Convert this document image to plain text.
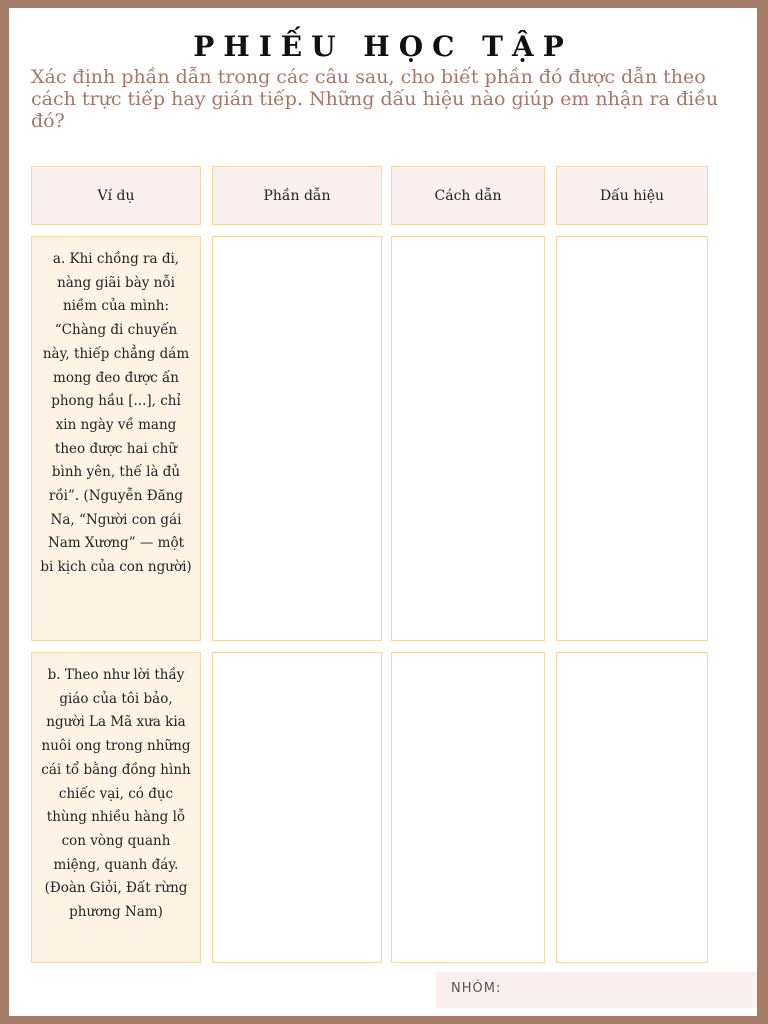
PHIẾU HỌC TẬP

Xác định phần dẫn trong các câu sau, cho biết phần đó được dẫn theo cách trực tiếp hay gián tiếp. Những dấu hiệu nào giúp em nhận ra điều đó?

Ví dụ	Phần dẫn	Cách dẫn	Dấu hiệu
a. Khi chồng ra đi, nàng giãi bày nỗi niềm của mình: “Chàng đi chuyến này, thiếp chẳng dám mong đeo được ấn phong hầu [...], chỉ xin ngày về mang theo được hai chữ bình yên, thế là đủ rồi”. (Nguyễn Đăng Na, “Người con gái Nam Xương” — một bi kịch của con người)
b. Theo như lời thầy giáo của tôi bảo, người La Mã xưa kia nuôi ong trong những cái tổ bằng đồng hình chiếc vại, có đục thùng nhiều hàng lỗ con vòng quanh miệng, quanh đáy. (Đoàn Giỏi, Đất rừng phương Nam)
NHÓM:
